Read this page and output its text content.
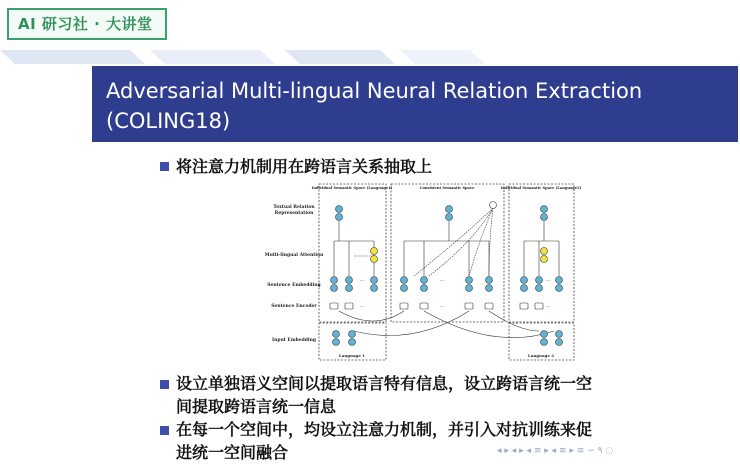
AI 研习社 · 大讲堂
Adversarial Multi-lingual Neural Relation Extraction
(COLING18)
将注意力机制用在跨语言关系抽取上
Textual Relation
Representation
Multi-lingual Attention
Sentence Embedding
Sentence Encoder
Input Embedding
Individual Semantic Space (Language1)	Consistent Semantic Space	Individual Semantic Space (Language2)
Language 1	Language 2
...	...	...
...	...	...
设立单独语义空间以提取语言特有信息，设立跨语言统一空
间提取跨语言统一信息
在每一个空间中，均设立注意力机制，并引入对抗训练来促
进统一空间融合	◂ ▸ ◂ ▸ ◂ ≡ ▸ ◂ ≡ ▸ ≡ ∽ ۹ ◌
